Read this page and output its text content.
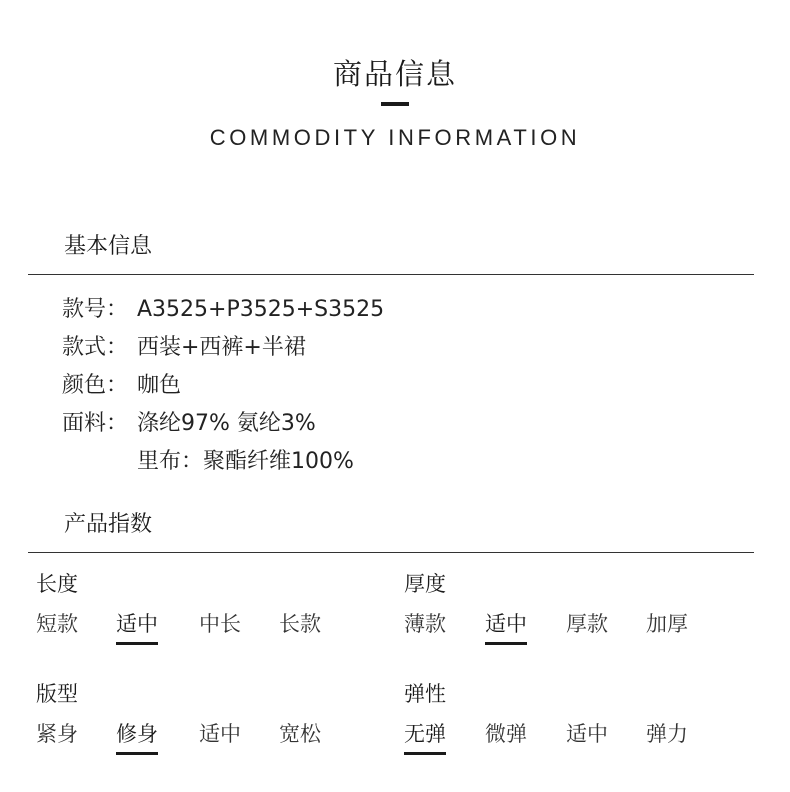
商品信息
COMMODITY INFORMATION
基本信息
款号： A3525+P3525+S3525
款式： 西装+西裤+半裙
颜色： 咖色
面料： 涤纶97% 氨纶3%
里布：聚酯纤维100%
产品指数
长度
短款 适中 中长 长款
厚度
薄款 适中 厚款 加厚
版型
紧身 修身 适中 宽松
弹性
无弹 微弹 适中 弹力
